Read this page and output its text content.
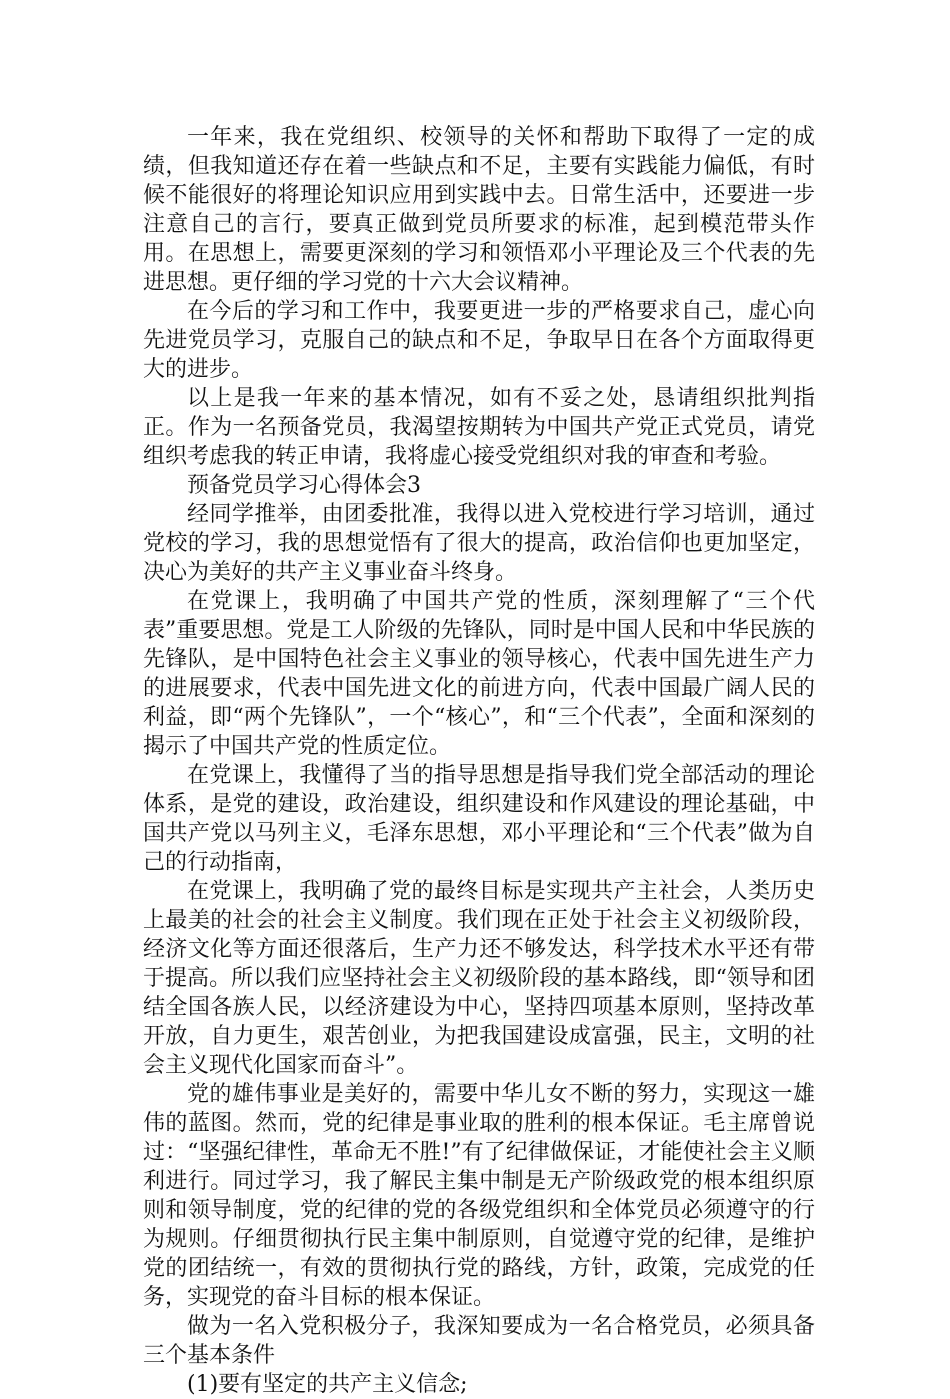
一年来，我在党组织、校领导的关怀和帮助下取得了一定的成绩，但我知道还存在着一些缺点和不足，主要有实践能力偏低，有时候不能很好的将理论知识应用到实践中去。日常生活中，还要进一步注意自己的言行，要真正做到党员所要求的标准，起到模范带头作用。在思想上，需要更深刻的学习和领悟邓小平理论及三个代表的先进思想。更仔细的学习党的十六大会议精神。

在今后的学习和工作中，我要更进一步的严格要求自己，虚心向先进党员学习，克服自己的缺点和不足，争取早日在各个方面取得更大的进步。

以上是我一年来的基本情况，如有不妥之处，恳请组织批判指正。作为一名预备党员，我渴望按期转为中国共产党正式党员，请党组织考虑我的转正申请，我将虚心接受党组织对我的审查和考验。

预备党员学习心得体会3

经同学推举，由团委批准，我得以进入党校进行学习培训，通过党校的学习，我的思想觉悟有了很大的提高，政治信仰也更加坚定，决心为美好的共产主义事业奋斗终身。

在党课上，我明确了中国共产党的性质，深刻理解了“三个代表”重要思想。党是工人阶级的先锋队，同时是中国人民和中华民族的先锋队，是中国特色社会主义事业的领导核心，代表中国先进生产力的进展要求，代表中国先进文化的前进方向，代表中国最广阔人民的利益，即“两个先锋队”，一个“核心”，和“三个代表”，全面和深刻的揭示了中国共产党的性质定位。

在党课上，我懂得了当的指导思想是指导我们党全部活动的理论体系，是党的建设，政治建设，组织建设和作风建设的理论基础，中国共产党以马列主义，毛泽东思想，邓小平理论和“三个代表”做为自己的行动指南，

在党课上，我明确了党的最终目标是实现共产主社会，人类历史上最美的社会的社会主义制度。我们现在正处于社会主义初级阶段，经济文化等方面还很落后，生产力还不够发达，科学技术水平还有带于提高。所以我们应坚持社会主义初级阶段的基本路线，即“领导和团结全国各族人民，以经济建设为中心，坚持四项基本原则，坚持改革开放，自力更生，艰苦创业，为把我国建设成富强，民主，文明的社会主义现代化国家而奋斗”。

党的雄伟事业是美好的，需要中华儿女不断的努力，实现这一雄伟的蓝图。然而，党的纪律是事业取的胜利的根本保证。毛主席曾说过：“坚强纪律性，革命无不胜!”有了纪律做保证，才能使社会主义顺利进行。同过学习，我了解民主集中制是无产阶级政党的根本组织原则和领导制度，党的纪律的党的各级党组织和全体党员必须遵守的行为规则。仔细贯彻执行民主集中制原则，自觉遵守党的纪律，是维护党的团结统一，有效的贯彻执行党的路线，方针，政策，完成党的任务，实现党的奋斗目标的根本保证。

做为一名入党积极分子，我深知要成为一名合格党员，必须具备三个基本条件

(1)要有坚定的共产主义信念;
